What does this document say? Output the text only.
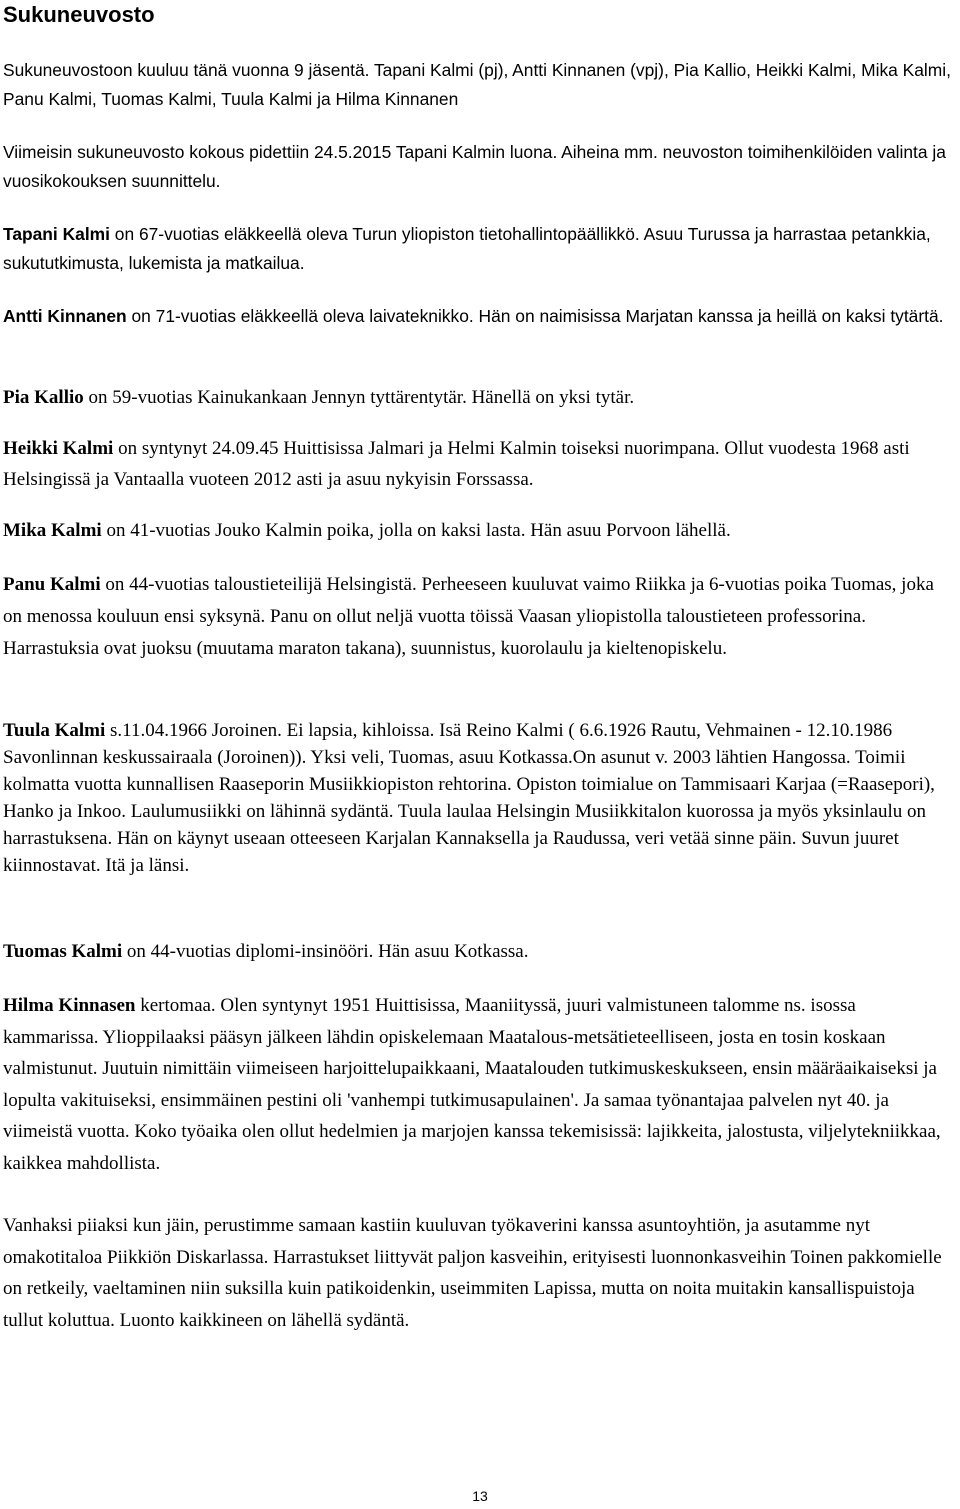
Sukuneuvosto

Sukuneuvostoon kuuluu tänä vuonna 9 jäsentä. Tapani Kalmi (pj), Antti Kinnanen (vpj), Pia Kallio, Heikki Kalmi, Mika Kalmi, Panu Kalmi, Tuomas Kalmi, Tuula Kalmi ja Hilma Kinnanen

Viimeisin sukuneuvosto kokous pidettiin 24.5.2015 Tapani Kalmin luona. Aiheina mm. neuvoston toimihenkilöiden valinta ja vuosikokouksen suunnittelu.

Tapani Kalmi on 67-vuotias eläkkeellä oleva Turun yliopiston tietohallintopäällikkö. Asuu Turussa ja harrastaa petankkia, sukututkimusta, lukemista ja matkailua.

Antti Kinnanen on 71-vuotias eläkkeellä oleva laivateknikko. Hän on naimisissa Marjatan kanssa ja heillä on kaksi tytärtä.

Pia Kallio on 59-vuotias Kainukankaan Jennyn tyttärentytär. Hänellä on yksi tytär.

Heikki Kalmi on syntynyt 24.09.45 Huittisissa Jalmari ja Helmi Kalmin toiseksi nuorimpana. Ollut vuodesta 1968 asti Helsingissä ja Vantaalla vuoteen 2012 asti ja asuu nykyisin Forssassa.

Mika Kalmi on 41-vuotias Jouko Kalmin poika, jolla on kaksi lasta. Hän asuu Porvoon lähellä.

Panu Kalmi on 44-vuotias taloustieteilijä Helsingistä. Perheeseen kuuluvat vaimo Riikka ja 6-vuotias poika Tuomas, joka on menossa kouluun ensi syksynä. Panu on ollut neljä vuotta töissä Vaasan yliopistolla taloustieteen professorina. Harrastuksia ovat juoksu (muutama maraton takana), suunnistus, kuorolaulu ja kieltenopiskelu.

Tuula Kalmi s.11.04.1966 Joroinen. Ei lapsia, kihloissa. Isä Reino Kalmi ( 6.6.1926 Rautu, Vehmainen - 12.10.1986 Savonlinnan keskussairaala (Joroinen)). Yksi veli, Tuomas, asuu Kotkassa.On asunut v. 2003 lähtien Hangossa. Toimii kolmatta vuotta kunnallisen Raaseporin Musiikkiopiston rehtorina. Opiston toimialue on Tammisaari Karjaa (=Raasepori), Hanko ja Inkoo. Laulumusiikki on lähinnä sydäntä. Tuula laulaa Helsingin Musiikkitalon kuorossa ja myös yksinlaulu on harrastuksena. Hän on käynyt useaan otteeseen Karjalan Kannaksella ja Raudussa, veri vetää sinne päin. Suvun juuret kiinnostavat. Itä ja länsi.

Tuomas Kalmi on 44-vuotias diplomi-insinööri. Hän asuu Kotkassa.

Hilma Kinnasen kertomaa. Olen syntynyt 1951 Huittisissa, Maaniityssä, juuri valmistuneen talomme ns. isossa kammarissa. Ylioppilaaksi pääsyn jälkeen lähdin opiskelemaan Maatalous-metsätieteelliseen, josta en tosin koskaan valmistunut. Juutuin nimittäin viimeiseen harjoittelupaikkaani, Maatalouden tutkimuskeskukseen, ensin määräaikaiseksi ja lopulta vakituiseksi, ensimmäinen pestini oli 'vanhempi tutkimusapulainen'. Ja samaa työnantajaa palvelen nyt 40. ja viimeistä vuotta. Koko työaika olen ollut hedelmien ja marjojen kanssa tekemisissä: lajikkeita, jalostusta, viljelytekniikkaa, kaikkea mahdollista.

Vanhaksi piiaksi kun jäin, perustimme samaan kastiin kuuluvan työkaverini kanssa asuntoyhtiön, ja asutamme nyt omakotitaloa Piikkiön Diskarlassa. Harrastukset liittyvät paljon kasveihin, erityisesti luonnonkasveihin Toinen pakkomielle on retkeily, vaeltaminen niin suksilla kuin patikoidenkin, useimmiten Lapissa, mutta on noita muitakin kansallispuistoja tullut koluttua. Luonto kaikkineen on lähellä sydäntä.

13
